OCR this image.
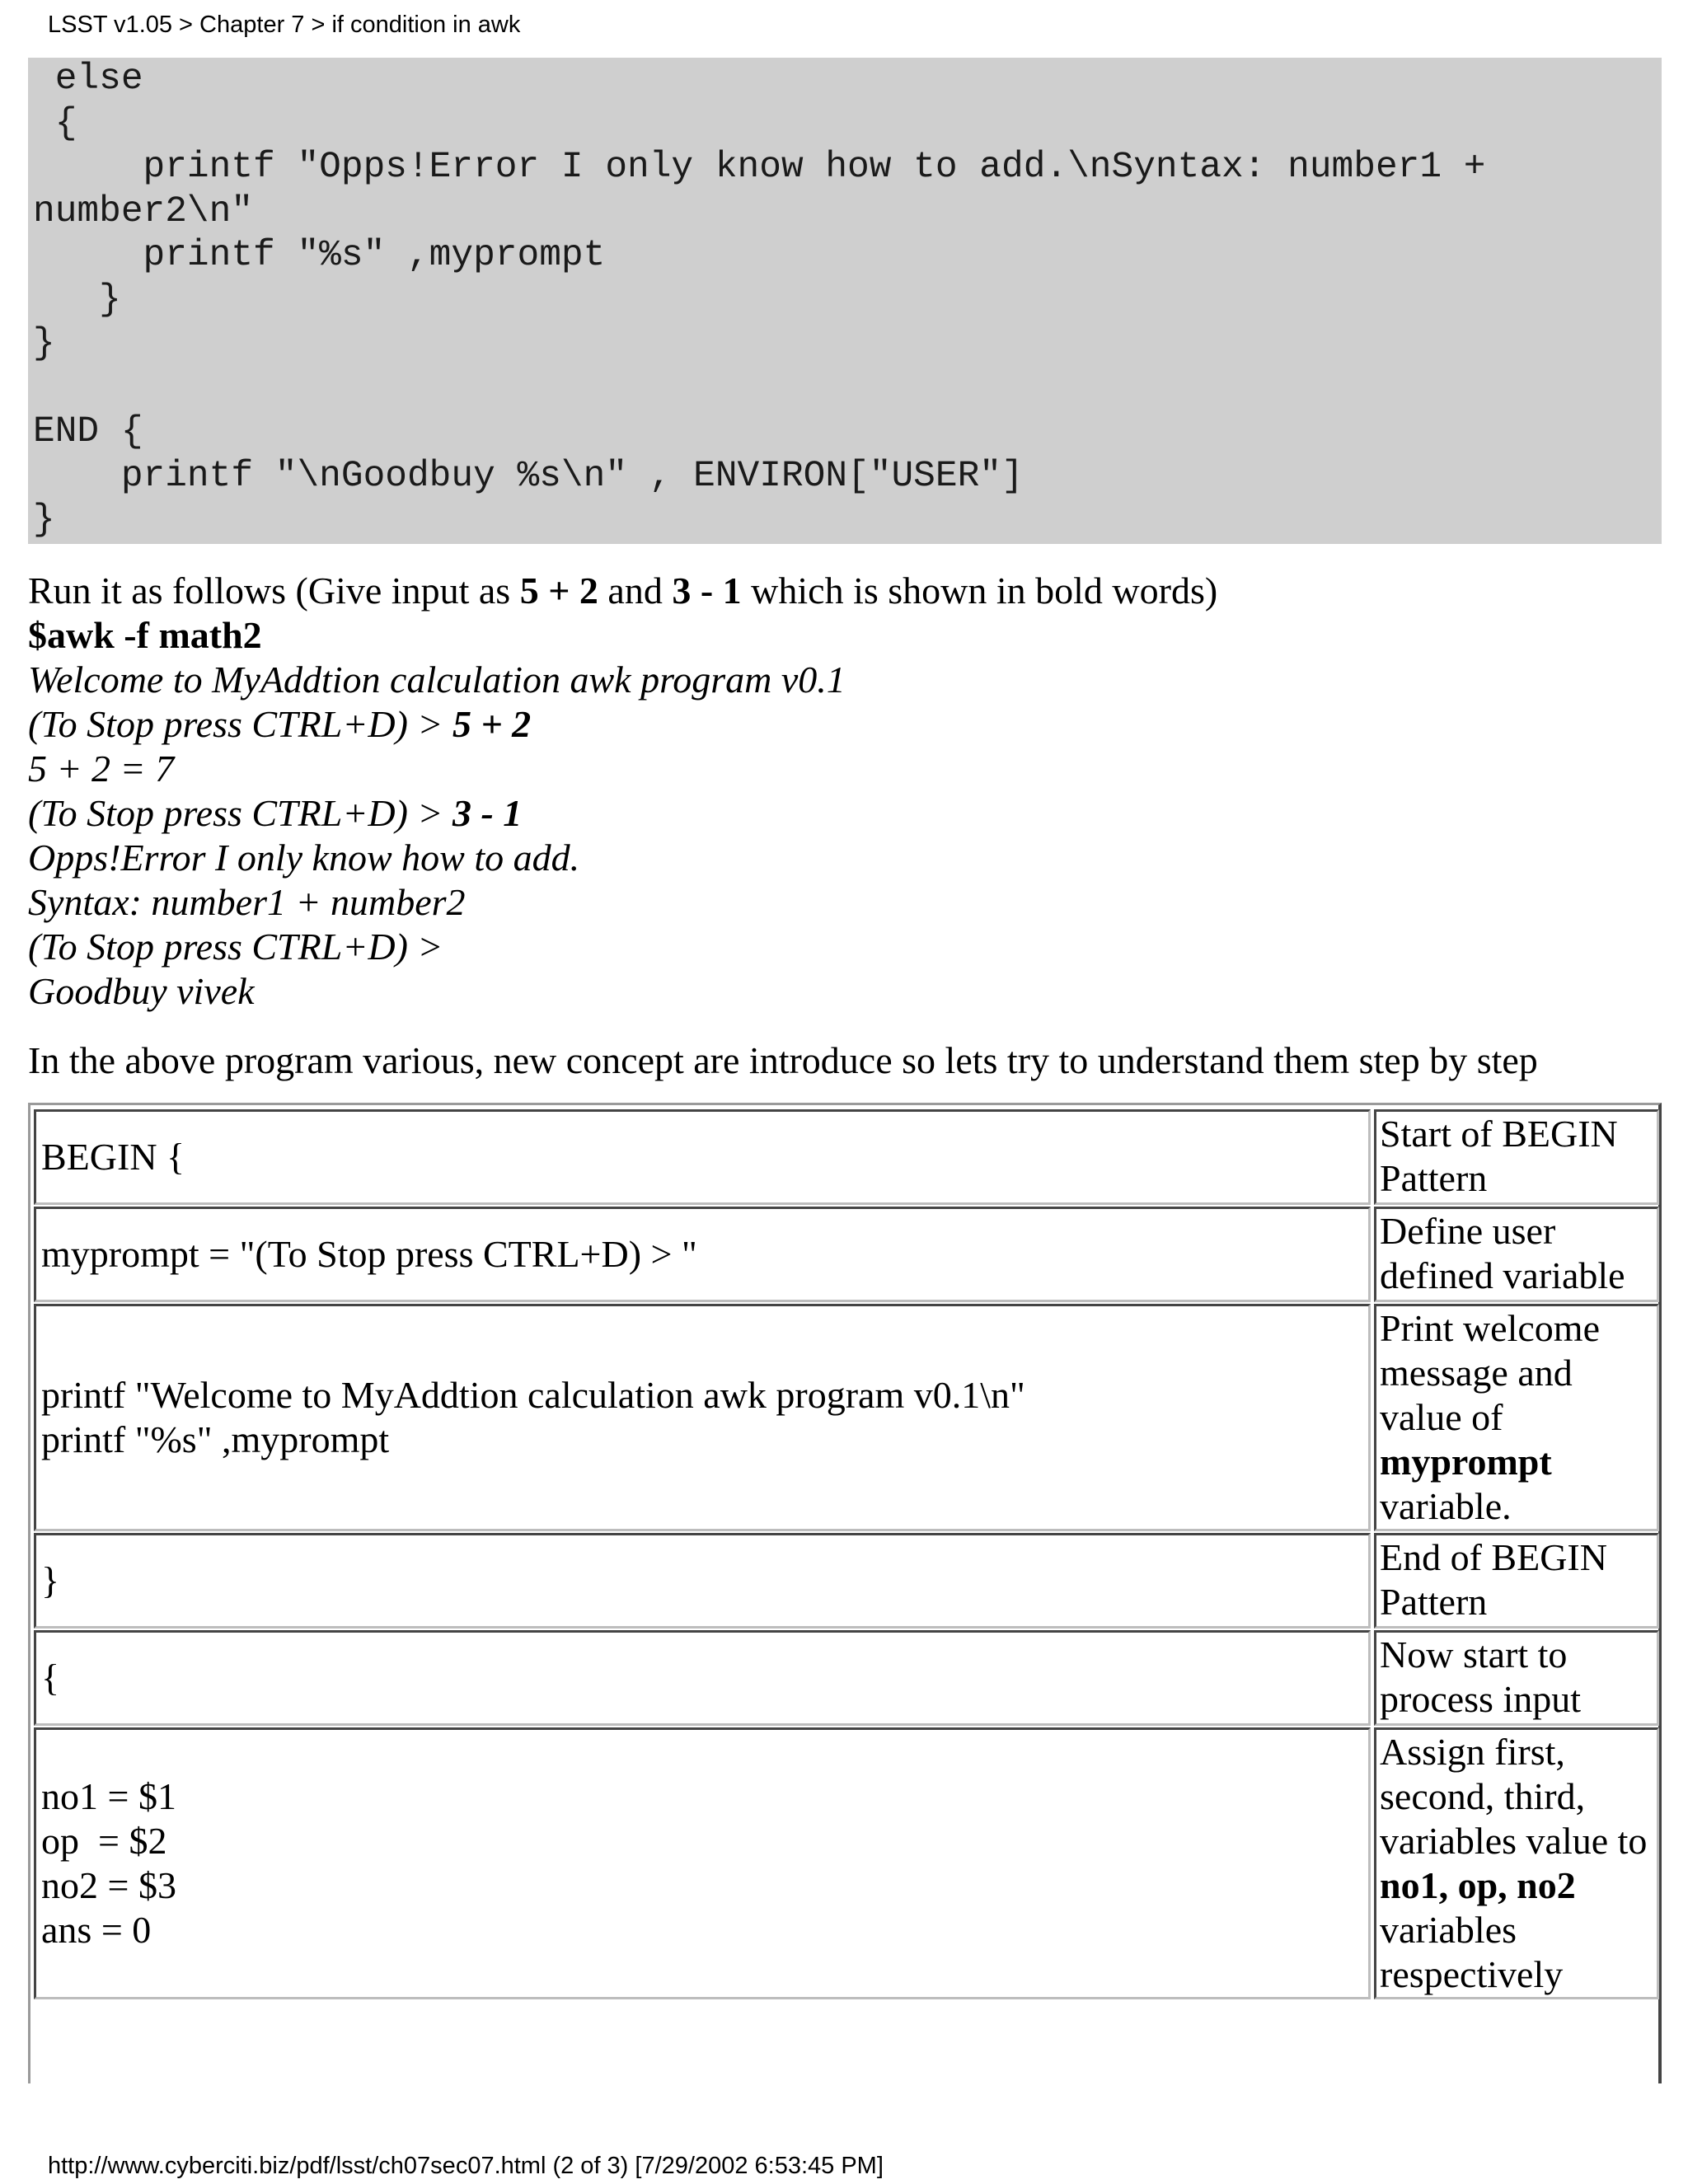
LSST v1.05 > Chapter 7 > if condition in awk
else
{
printf "Opps!Error I only know how to add.\nSyntax: number1 +
number2\n"
printf "%s" ,myprompt
}
}

END {
printf "\nGoodbuy %s\n" , ENVIRON["USER"]
}
Run it as follows (Give input as 5 + 2 and 3 - 1 which is shown in bold words)
$awk -f math2
Welcome to MyAddtion calculation awk program v0.1
(To Stop press CTRL+D) > 5 + 2
5 + 2 = 7
(To Stop press CTRL+D) > 3 - 1
Opps!Error I only know how to add.
Syntax: number1 + number2
(To Stop press CTRL+D) >
Goodbuy vivek
In the above program various, new concept are introduce so lets try to understand them step by step
BEGIN {
Start of BEGIN Pattern
myprompt = "(To Stop press CTRL+D) > "
Define user defined variable
printf "Welcome to MyAddtion calculation awk program v0.1\n"
printf "%s" ,myprompt
Print welcome message and value of myprompt variable.
}
End of BEGIN Pattern
{
Now start to process input
no1 = $1
op  = $2
no2 = $3
ans = 0
Assign first, second, third, variables value to no1, op, no2 variables respectively
http://www.cyberciti.biz/pdf/lsst/ch07sec07.html (2 of 3) [7/29/2002 6:53:45 PM]
